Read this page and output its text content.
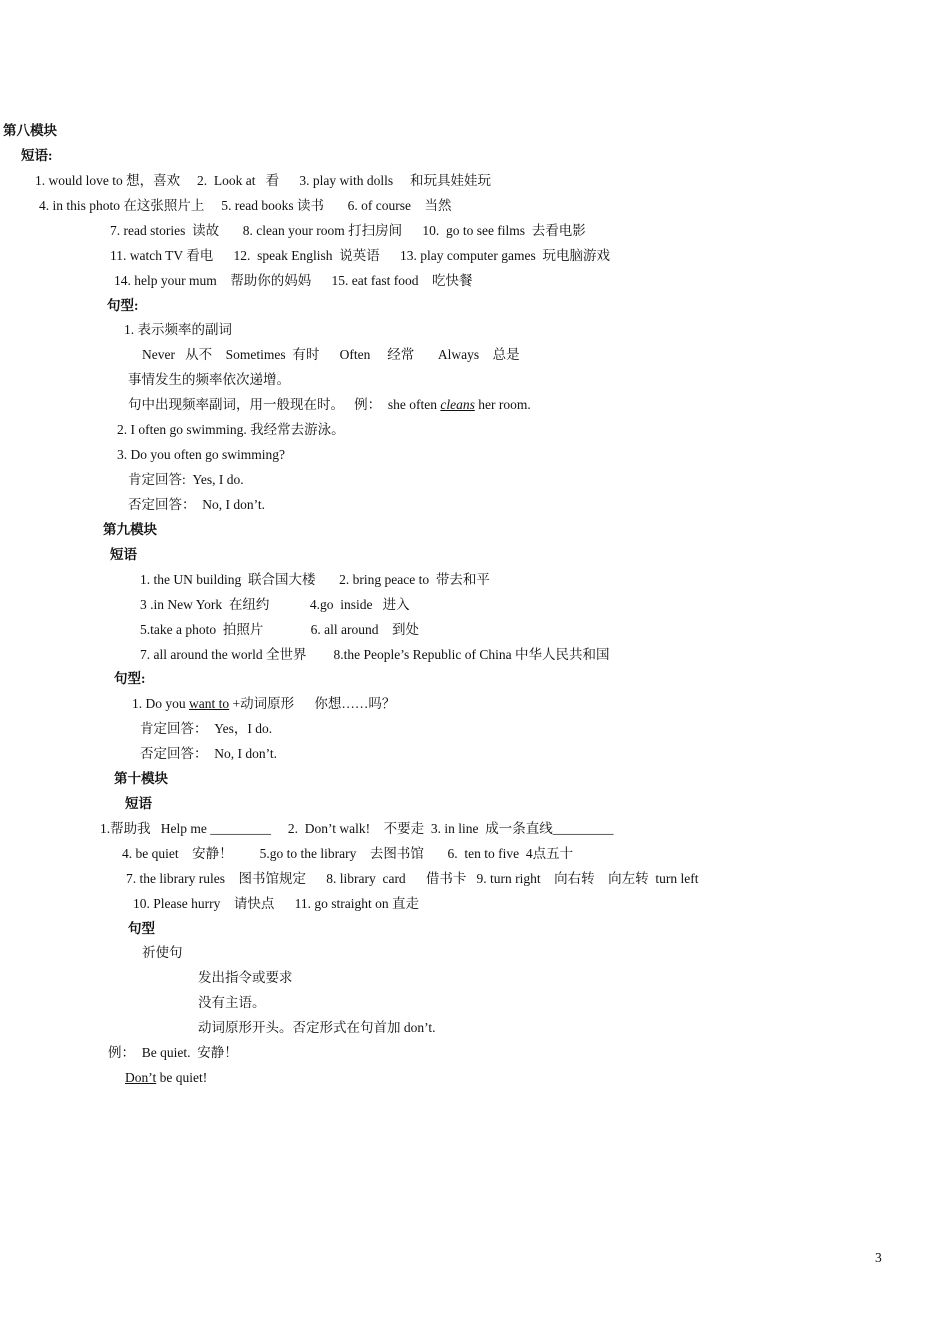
第八模块
短语:
1. would love to 想，喜欢     2.  Look at   看      3. play with dolls     和玩具娃娃玩
4. in this photo 在这张照片上     5. read books 读书       6. of course    当然
7. read stories  读故       8. clean your room 打扫房间      10.  go to see films  去看电影
11. watch TV 看电      12.  speak English  说英语      13. play computer games  玩电脑游戏
14. help your mum    帮助你的妈妈      15. eat fast food    吃快餐
句型:
1. 表示频率的副词
Never   从不    Sometimes  有时      Often     经常       Always    总是
事情发生的频率依次递增。
句中出现频率副词，用一般现在时。   例：  she often cleans her room.
2. I often go swimming. 我经常去游泳。
3. Do you often go swimming?
肯定回答:  Yes, I do.
否定回答：  No, I don’t.
第九模块
短语
1. the UN building  联合国大楼       2. bring peace to  带去和平
3 .in New York  在纽约            4.go  inside   进入
5.take a photo  拍照片              6. all around    到处
7. all around the world 全世界        8.the People’s Republic of China 中华人民共和国
句型:
1. Do you want to +动词原形      你想……吗？
肯定回答：  Yes，I do.
否定回答：  No, I don’t.
第十模块
短语
1.帮助我   Help me _________     2.  Don’t walk!    不要走  3. in line  成一条直线_________
4. be quiet    安静！        5.go to the library    去图书馆       6.  ten to five  4点五十
7. the library rules    图书馆规定      8. library  card      借书卡   9. turn right    向右转    向左转  turn left
10. Please hurry    请快点      11. go straight on 直走
句型
祈使句
发出指令或要求
没有主语。
动词原形开头。否定形式在句首加 don’t.
例：  Be quiet.  安静！
Don’t be quiet!
3
